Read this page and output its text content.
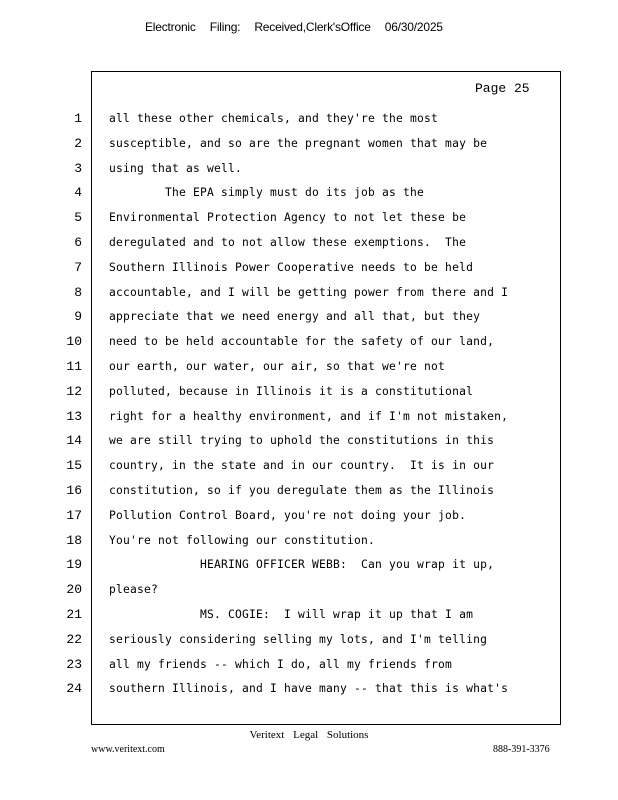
Electronic Filing: Received,Clerk'sOffice 06/30/2025
Page 25
1
2
3
4
5
6
7
8
9
10
11
12
13
14
15
16
17
18
19
20
21
22
23
24
all these other chemicals, and they're the most
susceptible, and so are the pregnant women that may be
using that as well.
The EPA simply must do its job as the
Environmental Protection Agency to not let these be
deregulated and to not allow these exemptions.  The
Southern Illinois Power Cooperative needs to be held
accountable, and I will be getting power from there and I
appreciate that we need energy and all that, but they
need to be held accountable for the safety of our land,
our earth, our water, our air, so that we're not
polluted, because in Illinois it is a constitutional
right for a healthy environment, and if I'm not mistaken,
we are still trying to uphold the constitutions in this
country, in the state and in our country.  It is in our
constitution, so if you deregulate them as the Illinois
Pollution Control Board, you're not doing your job.
You're not following our constitution.
HEARING OFFICER WEBB:  Can you wrap it up,
please?
MS. COGIE:  I will wrap it up that I am
seriously considering selling my lots, and I'm telling
all my friends -- which I do, all my friends from
southern Illinois, and I have many -- that this is what's
Veritext Legal Solutions
www.veritext.com	888-391-3376
